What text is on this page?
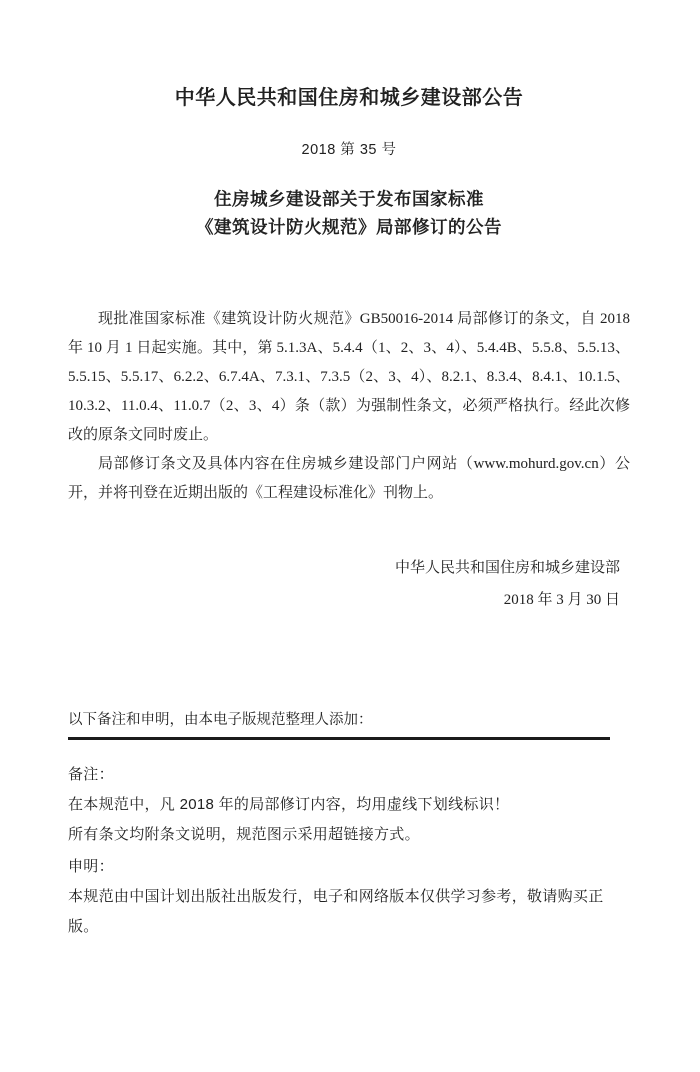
中华人民共和国住房和城乡建设部公告
2018 第 35 号
住房城乡建设部关于发布国家标准
《建筑设计防火规范》局部修订的公告

现批准国家标准《建筑设计防火规范》GB50016-2014 局部修订的条文，自 2018 年 10 月 1 日起实施。其中，第 5.1.3A、5.4.4（1、2、3、4）、5.4.4B、5.5.8、5.5.13、5.5.15、5.5.17、6.2.2、6.7.4A、7.3.1、7.3.5（2、3、4）、8.2.1、8.3.4、8.4.1、10.1.5、10.3.2、11.0.4、11.0.7（2、3、4）条（款）为强制性条文，必须严格执行。经此次修改的原条文同时废止。

局部修订条文及具体内容在住房城乡建设部门户网站（www.mohurd.gov.cn）公开，并将刊登在近期出版的《工程建设标准化》刊物上。

中华人民共和国住房和城乡建设部
2018 年 3 月 30 日
以下备注和申明，由本电子版规范整理人添加：
备注：
在本规范中，凡 2018 年的局部修订内容，均用虚线下划线标识！
所有条文均附条文说明，规范图示采用超链接方式。
申明：
本规范由中国计划出版社出版发行，电子和网络版本仅供学习参考，敬请购买正版。
